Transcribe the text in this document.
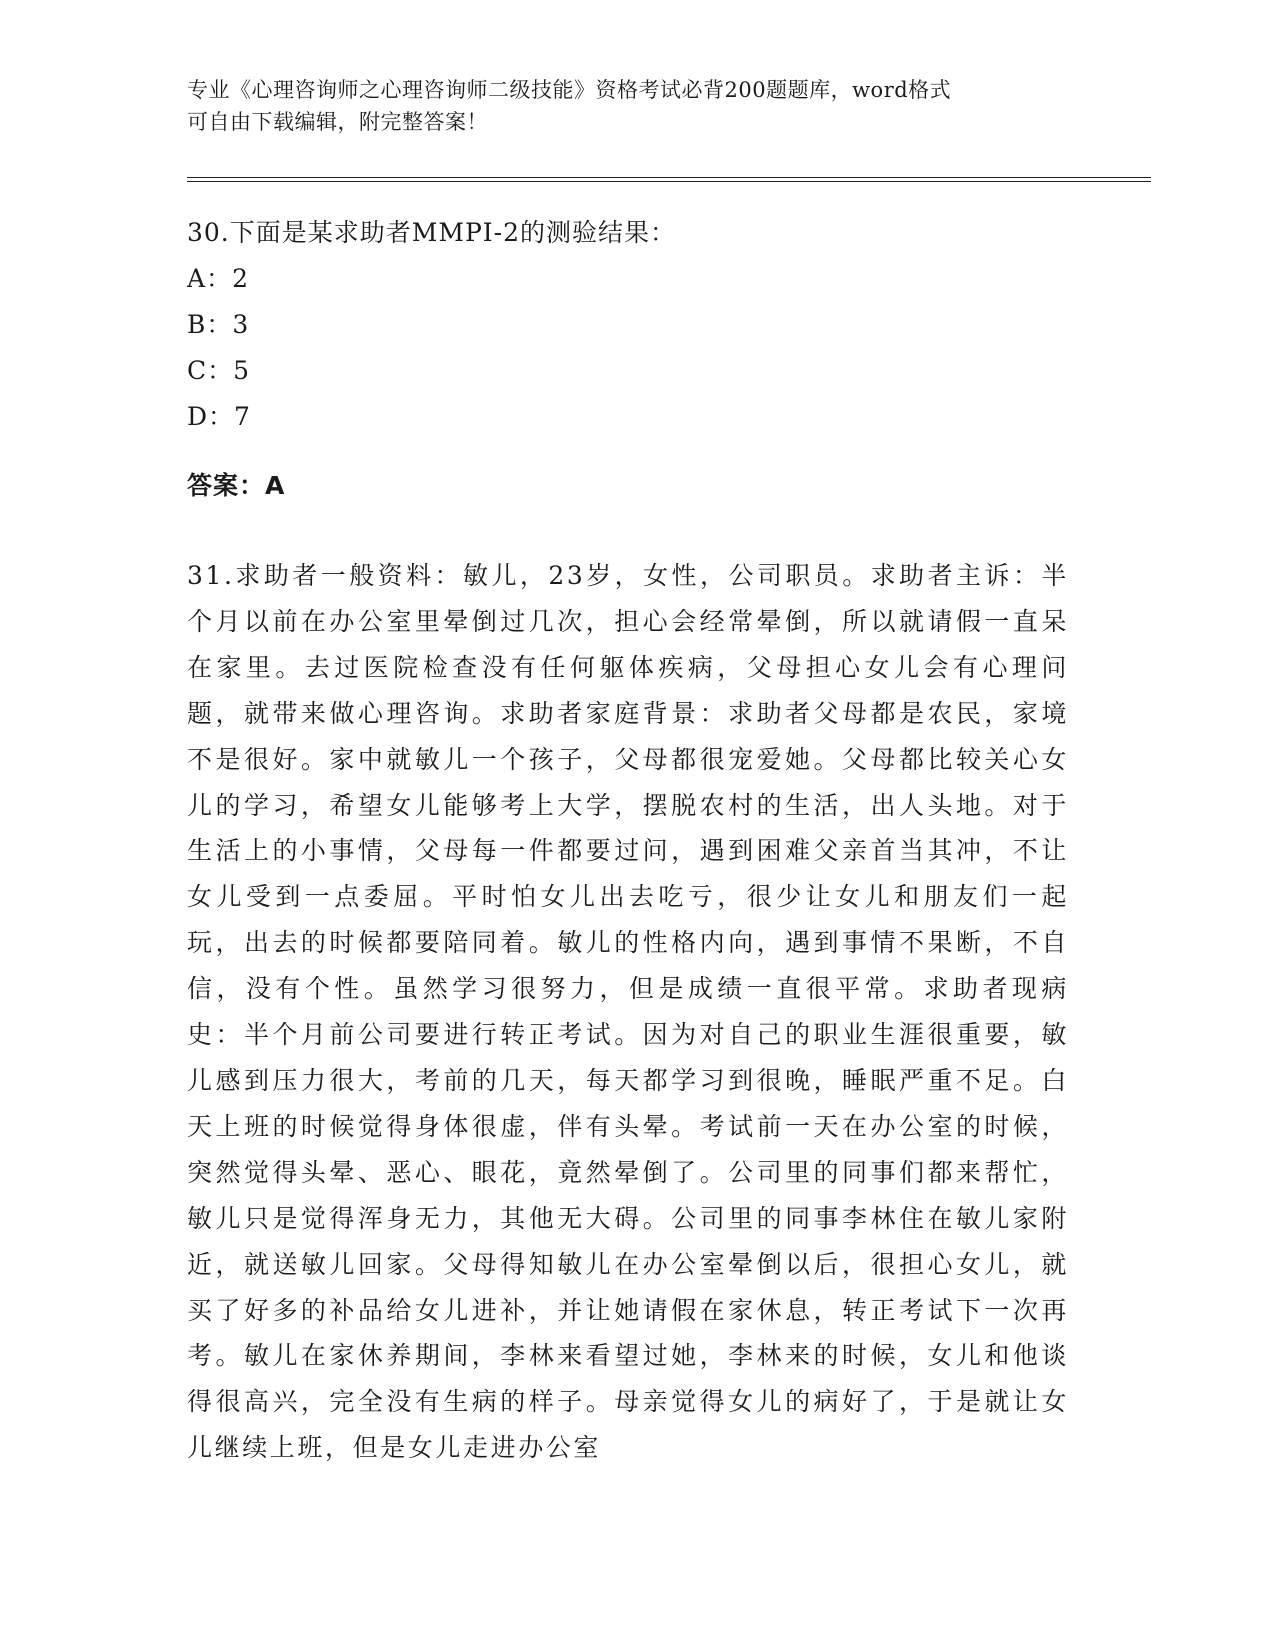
专业《心理咨询师之心理咨询师二级技能》资格考试必背200题题库，word格式
可自由下载编辑，附完整答案！
30.下面是某求助者MMPI-2的测验结果：
A：2
B：3
C：5
D：7
答案：A
31.求助者一般资料：敏儿，23岁，女性，公司职员。求助者主诉：半个月以前在办公室里晕倒过几次，担心会经常晕倒，所以就请假一直呆在家里。去过医院检查没有任何躯体疾病，父母担心女儿会有心理问题，就带来做心理咨询。求助者家庭背景：求助者父母都是农民，家境不是很好。家中就敏儿一个孩子，父母都很宠爱她。父母都比较关心女儿的学习，希望女儿能够考上大学，摆脱农村的生活，出人头地。对于生活上的小事情，父母每一件都要过问，遇到困难父亲首当其冲，不让女儿受到一点委屈。平时怕女儿出去吃亏，很少让女儿和朋友们一起玩，出去的时候都要陪同着。敏儿的性格内向，遇到事情不果断，不自信，没有个性。虽然学习很努力，但是成绩一直很平常。求助者现病史：半个月前公司要进行转正考试。因为对自己的职业生涯很重要，敏儿感到压力很大，考前的几天，每天都学习到很晚，睡眠严重不足。白天上班的时候觉得身体很虚，伴有头晕。考试前一天在办公室的时候，突然觉得头晕、恶心、眼花，竟然晕倒了。公司里的同事们都来帮忙，敏儿只是觉得浑身无力，其他无大碍。公司里的同事李林住在敏儿家附近，就送敏儿回家。父母得知敏儿在办公室晕倒以后，很担心女儿，就买了好多的补品给女儿进补，并让她请假在家休息，转正考试下一次再考。敏儿在家休养期间，李林来看望过她，李林来的时候，女儿和他谈得很高兴，完全没有生病的样子。母亲觉得女儿的病好了，于是就让女儿继续上班，但是女儿走进办公室
